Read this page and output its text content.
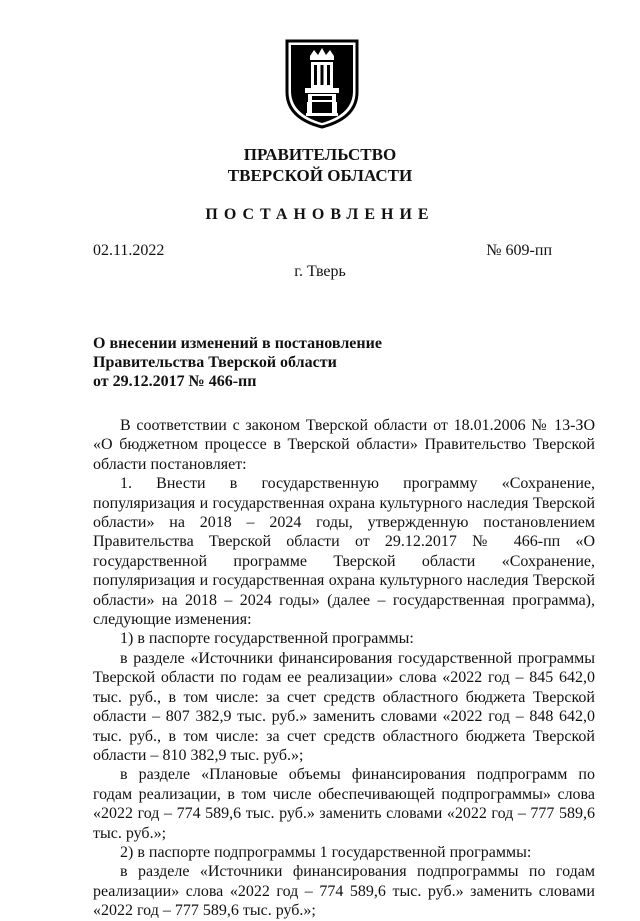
ПРАВИТЕЛЬСТВО
ТВЕРСКОЙ ОБЛАСТИ
ПОСТАНОВЛЕНИЕ
02.11.2022	№ 609-пп
г. Тверь
О внесении изменений в постановление
Правительства Тверской области
от 29.12.2017 № 466-пп

В соответствии с законом Тверской области от 18.01.2006 № 13-ЗО «О бюджетном процессе в Тверской области» Правительство Тверской области постановляет:

1. Внести в государственную программу «Сохранение, популяризация и государственная охрана культурного наследия Тверской области» на 2018 – 2024 годы, утвержденную постановлением Правительства Тверской области от 29.12.2017 № 466-пп «О государственной программе Тверской области «Сохранение, популяризация и государственная охрана культурного наследия Тверской области» на 2018 – 2024 годы» (далее – государственная программа), следующие изменения:

1) в паспорте государственной программы:

в разделе «Источники финансирования государственной программы Тверской области по годам ее реализации» слова «2022 год – 845 642,0 тыс. руб., в том числе: за счет средств областного бюджета Тверской области – 807 382,9 тыс. руб.» заменить словами «2022 год – 848 642,0 тыс. руб., в том числе: за счет средств областного бюджета Тверской области – 810 382,9 тыс. руб.»;

в разделе «Плановые объемы финансирования подпрограмм по годам реализации, в том числе обеспечивающей подпрограммы» слова «2022 год – 774 589,6 тыс. руб.» заменить словами «2022 год – 777 589,6 тыс. руб.»;

2) в паспорте подпрограммы 1 государственной программы:

в разделе «Источники финансирования подпрограммы по годам реализации» слова «2022 год – 774 589,6 тыс. руб.» заменить словами «2022 год – 777 589,6 тыс. руб.»;
